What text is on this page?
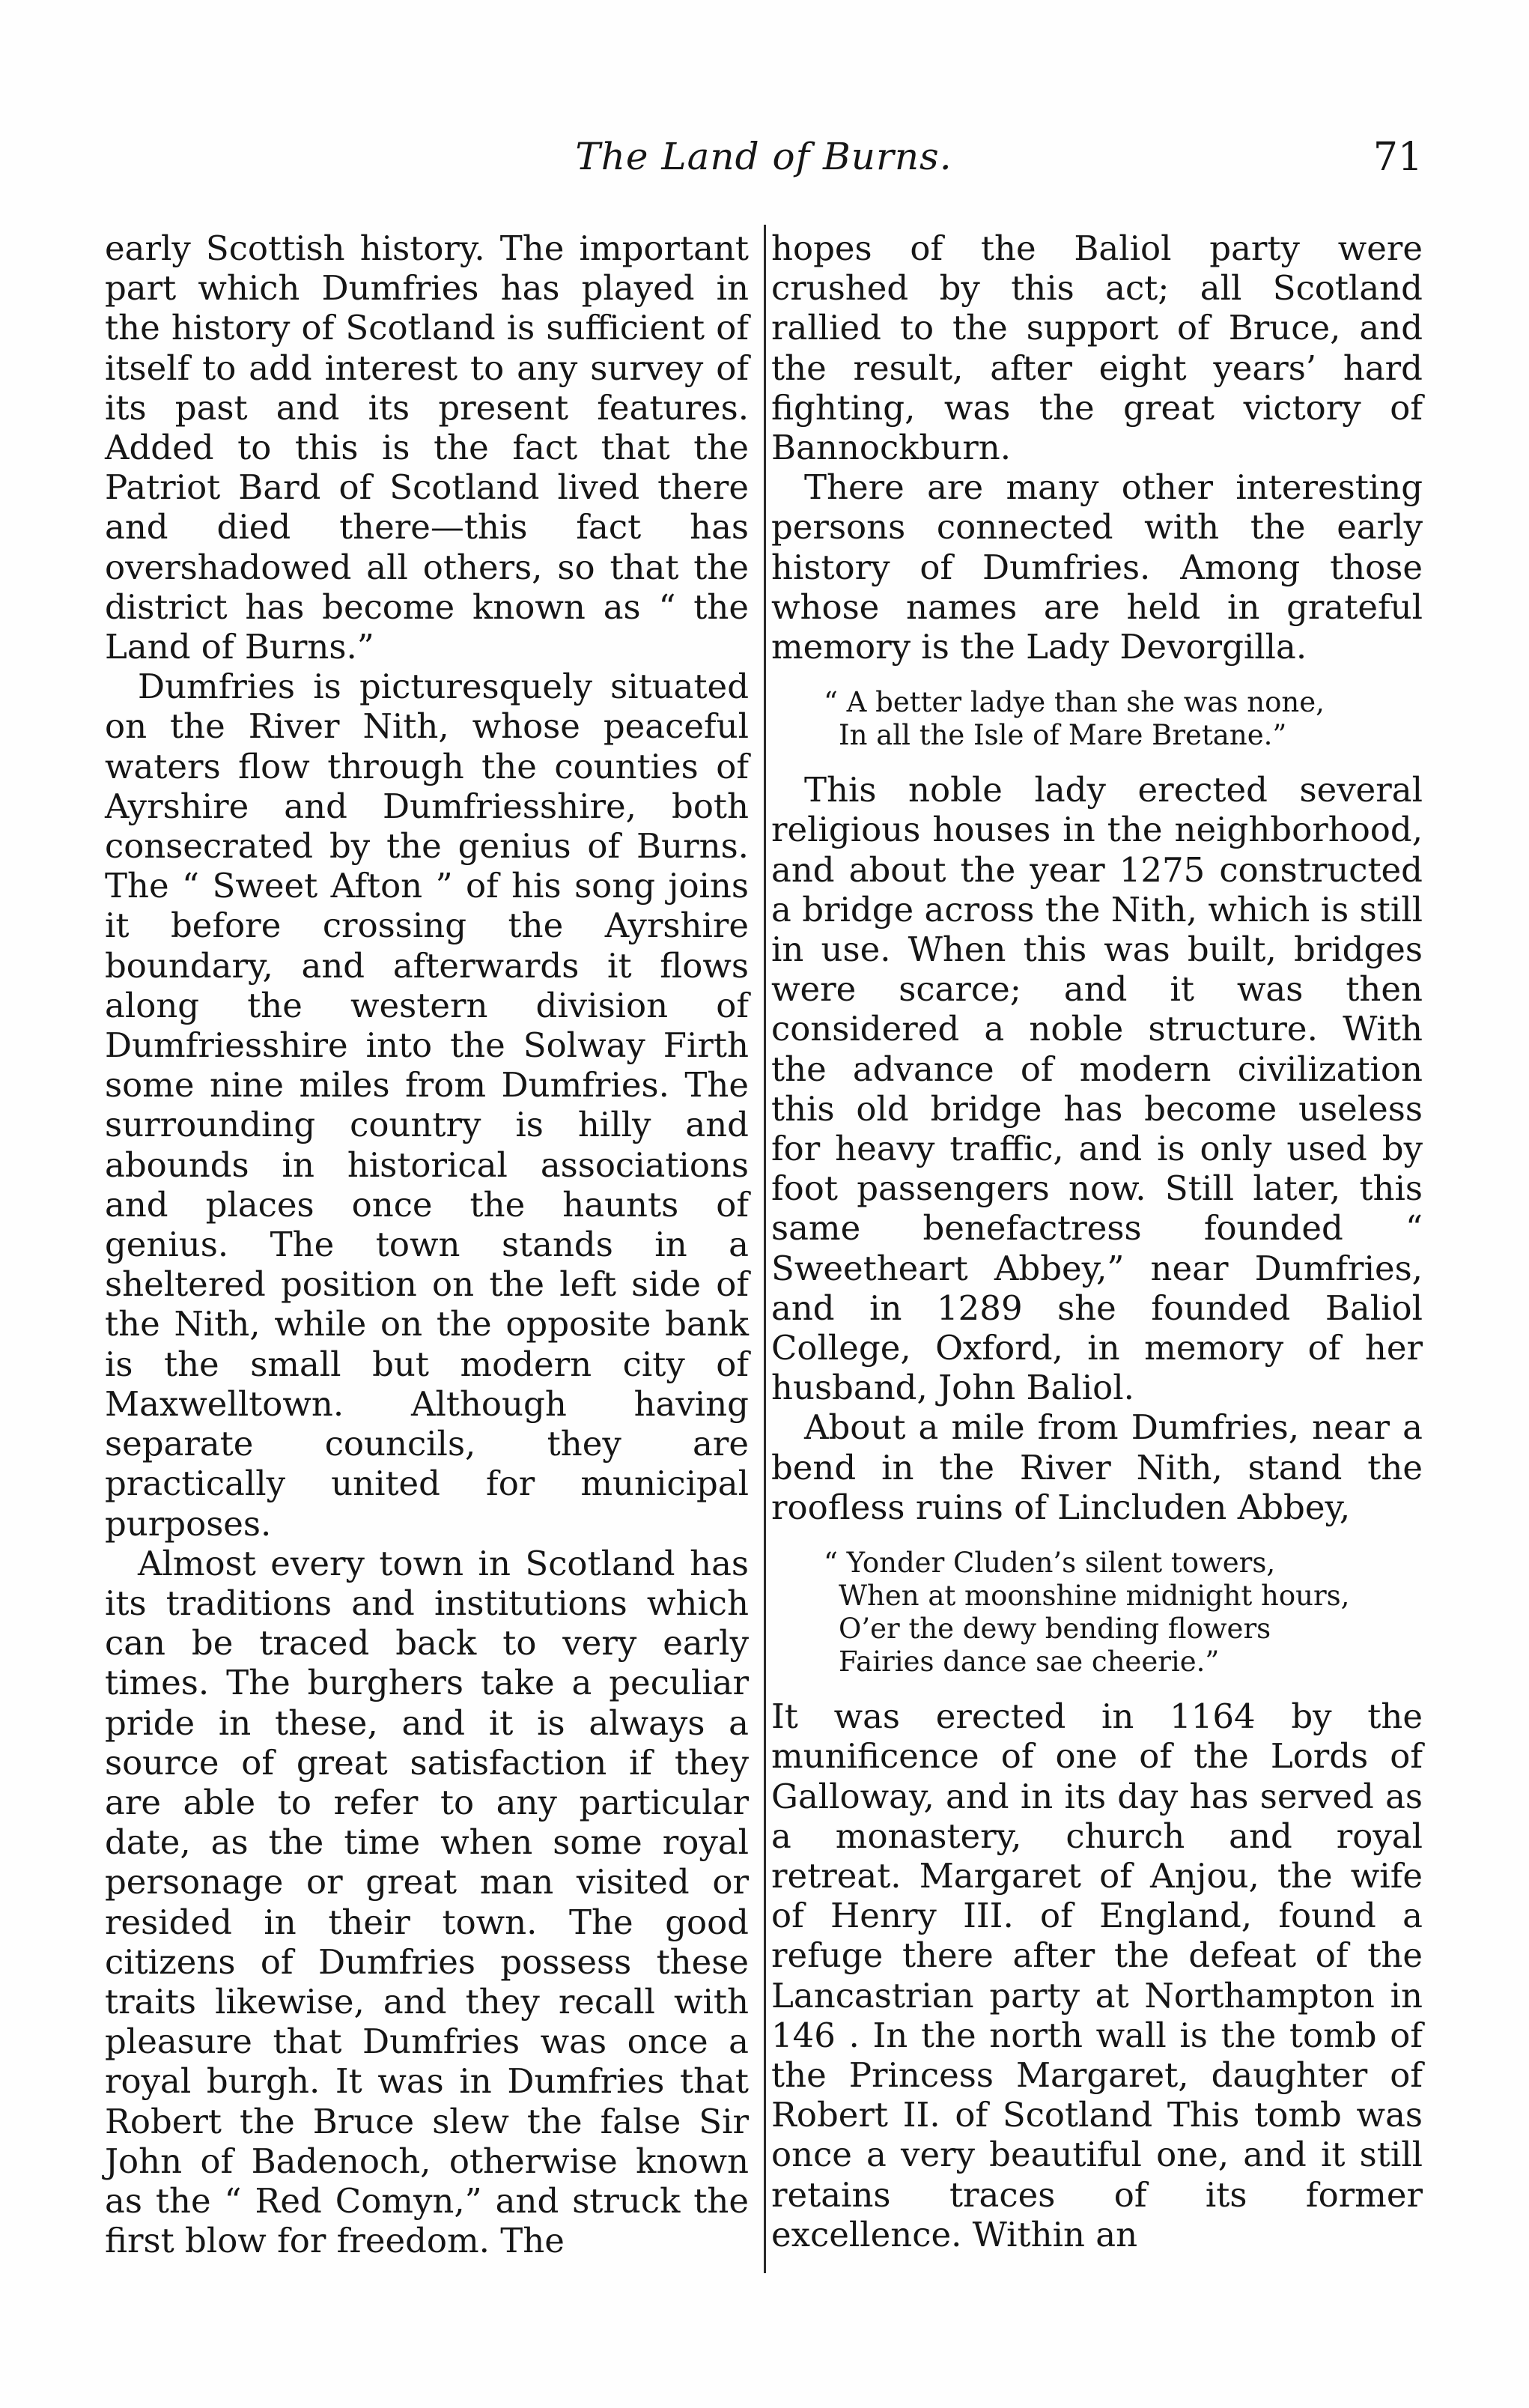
The Land of Burns.	71

early Scottish history. The important part which Dumfries has played in the history of Scotland is sufficient of itself to add interest to any survey of its past and its present features. Added to this is the fact that the Patriot Bard of Scotland lived there and died there—this fact has overshadowed all others, so that the district has become known as “ the Land of Burns.”

Dumfries is picturesquely situated on the River Nith, whose peaceful waters flow through the counties of Ayrshire and Dumfriesshire, both consecrated by the genius of Burns. The “ Sweet Afton ” of his song joins it before crossing the Ayrshire boundary, and afterwards it flows along the western division of Dumfriesshire into the Solway Firth some nine miles from Dumfries. The surrounding country is hilly and abounds in historical associations and places once the haunts of genius. The town stands in a sheltered position on the left side of the Nith, while on the opposite bank is the small but modern city of Maxwelltown. Although having separate councils, they are practically united for municipal purposes.

Almost every town in Scotland has its traditions and institutions which can be traced back to very early times. The burghers take a peculiar pride in these, and it is always a source of great satisfaction if they are able to refer to any particular date, as the time when some royal personage or great man visited or resided in their town. The good citizens of Dumfries possess these traits likewise, and they recall with pleasure that Dumfries was once a royal burgh. It was in Dumfries that Robert the Bruce slew the false Sir John of Badenoch, otherwise known as the “ Red Comyn,” and struck the first blow for freedom. The

hopes of the Baliol party were crushed by this act; all Scotland rallied to the support of Bruce, and the result, after eight years’ hard fighting, was the great victory of Bannockburn.

There are many other interesting persons connected with the early history of Dumfries. Among those whose names are held in grateful memory is the Lady Devorgilla.

“ A better ladye than she was none,
In all the Isle of Mare Bretane.”

This noble lady erected several religious houses in the neighborhood, and about the year 1275 constructed a bridge across the Nith, which is still in use. When this was built, bridges were scarce; and it was then considered a noble structure. With the advance of modern civilization this old bridge has become useless for heavy traffic, and is only used by foot passengers now. Still later, this same benefactress founded “ Sweetheart Abbey,” near Dumfries, and in 1289 she founded Baliol College, Oxford, in memory of her husband, John Baliol.

About a mile from Dumfries, near a bend in the River Nith, stand the roofless ruins of Lincluden Abbey,

“ Yonder Cluden’s silent towers,
When at moonshine midnight hours,
O’er the dewy bending flowers
Fairies dance sae cheerie.”

It was erected in 1164 by the munificence of one of the Lords of Galloway, and in its day has served as a monastery, church and royal retreat. Margaret of Anjou, the wife of Henry III. of England, found a refuge there after the defeat of the Lancastrian party at Northampton in 146 . In the north wall is the tomb of the Princess Margaret, daughter of Robert II. of Scotland This tomb was once a very beautiful one, and it still retains traces of its former excellence. Within an
